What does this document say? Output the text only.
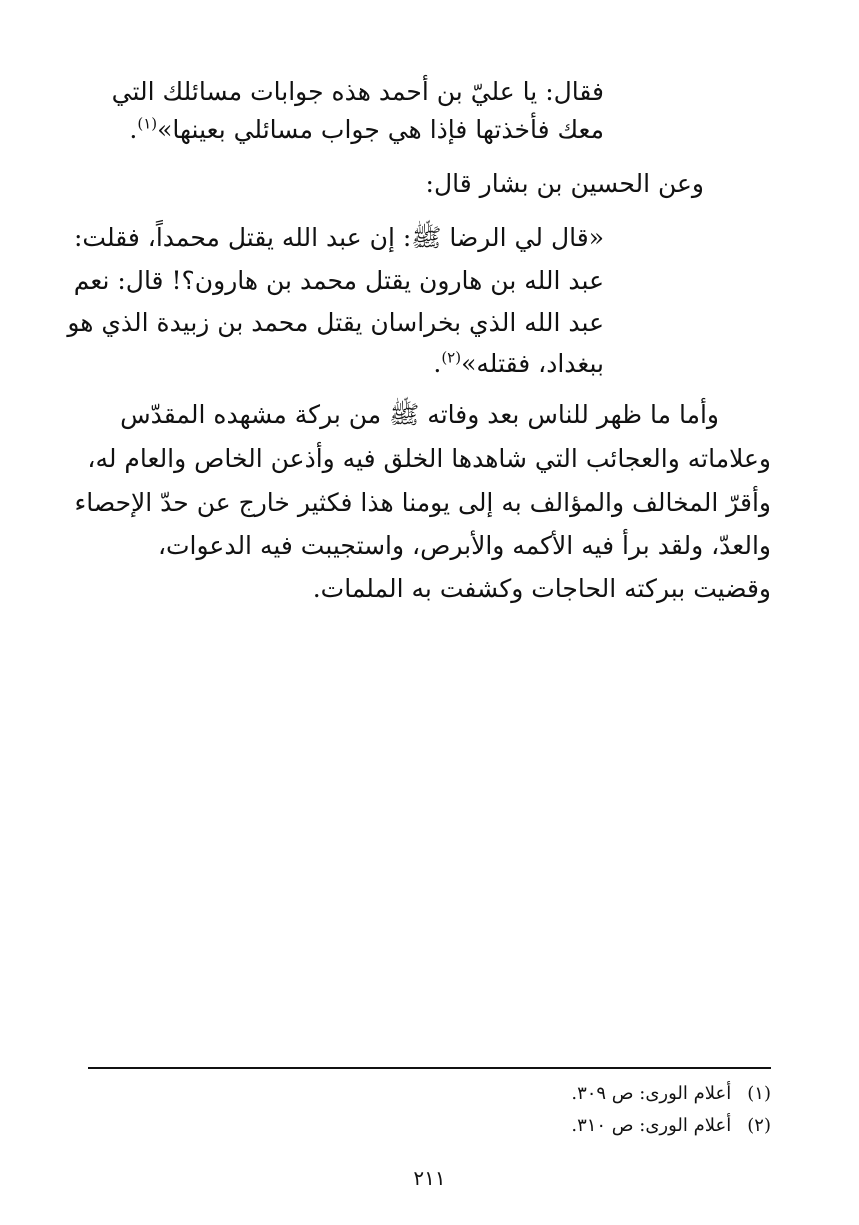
فقال: يا عليّ بن أحمد هذه جوابات مسائلك التي
معك فأخذتها فإذا هي جواب مسائلي بعينها»$^{(١)}$.
وعن الحسين بن بشار قال:
«قال لي الرضا ﷺ: إن عبد الله يقتل محمداً، فقلت:
عبد الله بن هارون يقتل محمد بن هارون؟! قال: نعم
عبد الله الذي بخراسان يقتل محمد بن زبيدة الذي هو
ببغداد، فقتله»$^{(٢)}$.
وأما ما ظهر للناس بعد وفاته ﷺ من بركة مشهده المقدّس
وعلاماته والعجائب التي شاهدها الخلق فيه وأذعن الخاص والعام له،
وأقرّ المخالف والمؤالف به إلى يومنا هذا فكثير خارج عن حدّ الإحصاء
والعدّ، ولقد برأ فيه الأكمه والأبرص، واستجيبت فيه الدعوات،
وقضيت ببركته الحاجات وكشفت به الملمات.
(١) أعلام الورى: ص ٣٠٩.
(٢) أعلام الورى: ص ٣١٠.
٢١١
